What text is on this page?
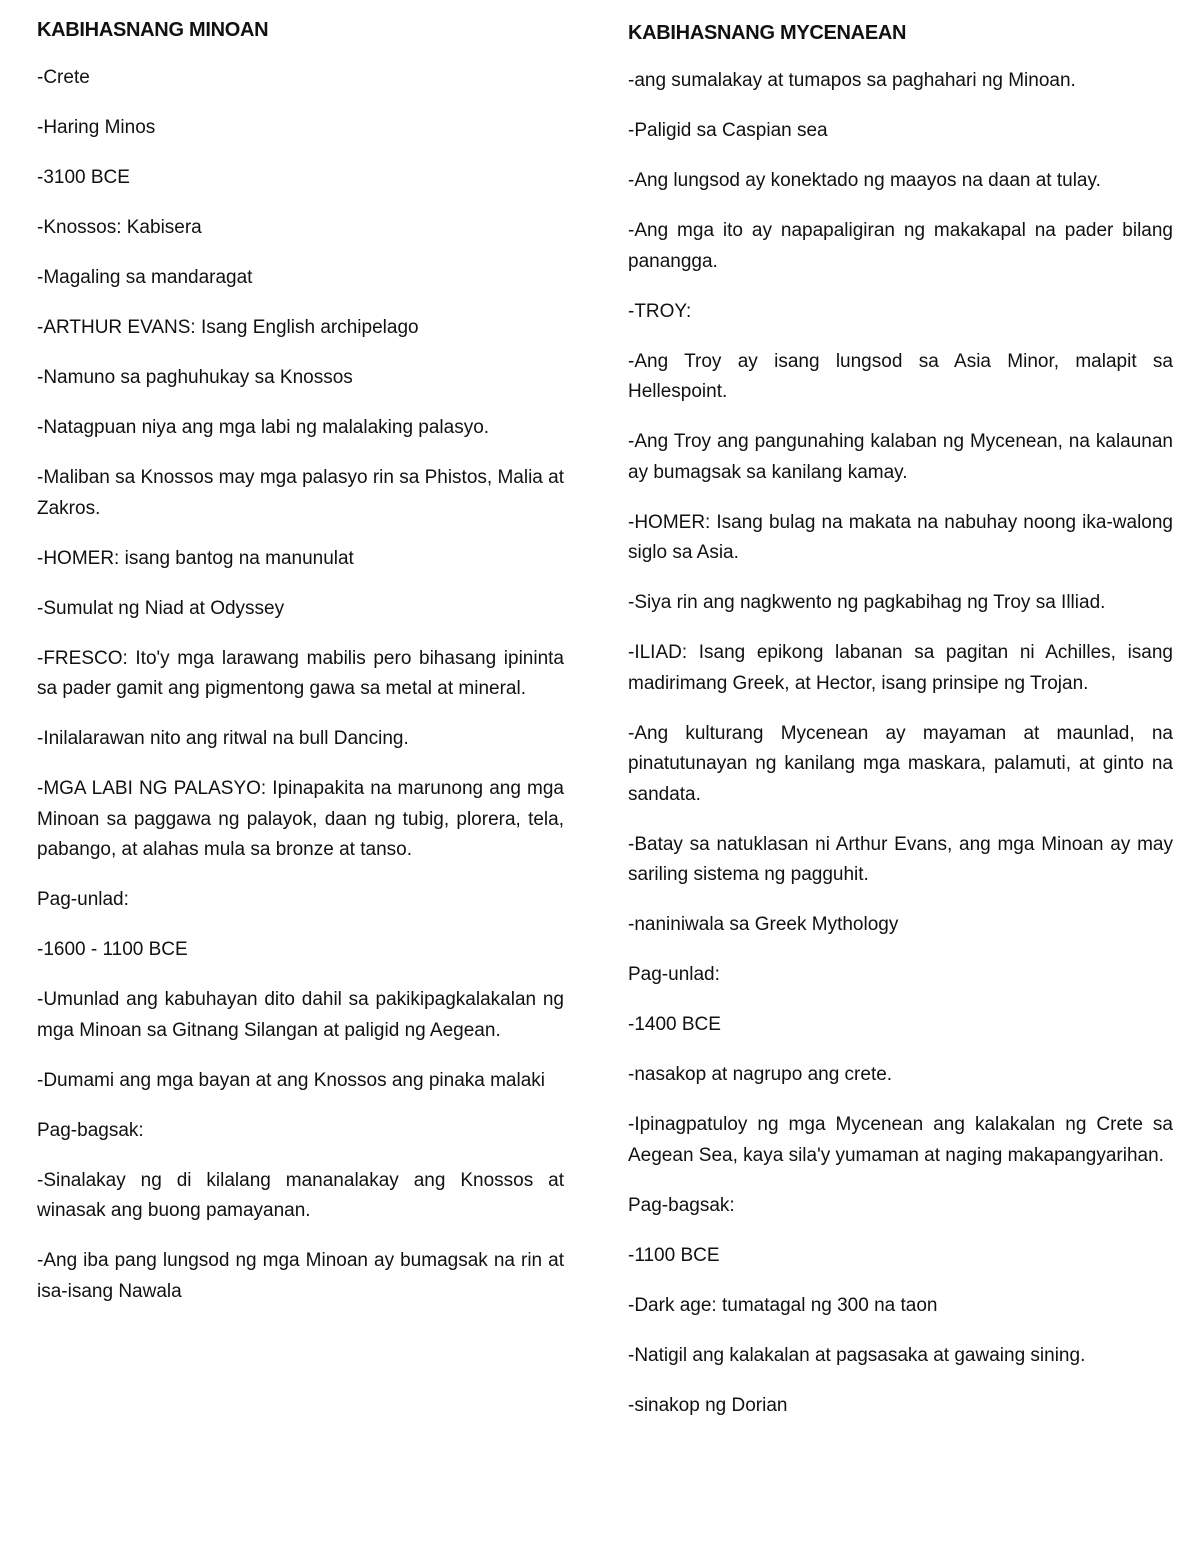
KABIHASNANG MINOAN
-Crete
-Haring Minos
-3100 BCE
-Knossos: Kabisera
-Magaling sa mandaragat
-ARTHUR EVANS: Isang English archipelago
-Namuno sa paghuhukay sa Knossos
-Natagpuan niya ang mga labi ng malalaking palasyo.
-Maliban sa Knossos may mga palasyo rin sa Phistos, Malia at Zakros.
-HOMER: isang bantog na manunulat
-Sumulat ng Niad at Odyssey
-FRESCO: Ito'y mga larawang mabilis pero bihasang ipininta sa pader gamit ang pigmentong gawa sa metal at mineral.
-Inilalarawan nito ang ritwal na bull Dancing.
-MGA LABI NG PALASYO: Ipinapakita na marunong ang mga Minoan sa paggawa ng palayok, daan ng tubig, plorera, tela, pabango, at alahas mula sa bronze at tanso.
Pag-unlad:
-1600 - 1100 BCE
-Umunlad ang kabuhayan dito dahil sa pakikipagkalakalan ng mga Minoan sa Gitnang Silangan at paligid ng Aegean.
-Dumami ang mga bayan at ang Knossos ang pinaka malaki
Pag-bagsak:
-Sinalakay ng di kilalang mananalakay ang Knossos at winasak ang buong pamayanan.
-Ang iba pang lungsod ng mga Minoan ay bumagsak na rin at isa-isang Nawala
KABIHASNANG MYCENAEAN
-ang sumalakay at tumapos sa paghahari ng Minoan.
-Paligid sa Caspian sea
-Ang lungsod ay konektado ng maayos na daan at tulay.
-Ang mga ito ay napapaligiran ng makakapal na pader bilang panangga.
-TROY:
-Ang Troy ay isang lungsod sa Asia Minor, malapit sa Hellespoint.
-Ang Troy ang pangunahing kalaban ng Mycenean, na kalaunan ay bumagsak sa kanilang kamay.
-HOMER: Isang bulag na makata na nabuhay noong ika-walong siglo sa Asia.
-Siya rin ang nagkwento ng pagkabihag ng Troy sa Illiad.
-ILIAD: Isang epikong labanan sa pagitan ni Achilles, isang madirimang Greek, at Hector, isang prinsipe ng Trojan.
-Ang kulturang Mycenean ay mayaman at maunlad, na pinatutunayan ng kanilang mga maskara, palamuti, at ginto na sandata.
-Batay sa natuklasan ni Arthur Evans, ang mga Minoan ay may sariling sistema ng pagguhit.
-naniniwala sa Greek Mythology
Pag-unlad:
-1400 BCE
-nasakop at nagrupo ang crete.
-Ipinagpatuloy ng mga Mycenean ang kalakalan ng Crete sa Aegean Sea, kaya sila'y yumaman at naging makapangyarihan.
Pag-bagsak:
-1100 BCE
-Dark age: tumatagal ng 300 na taon
-Natigil ang kalakalan at pagsasaka at gawaing sining.
-sinakop ng Dorian
